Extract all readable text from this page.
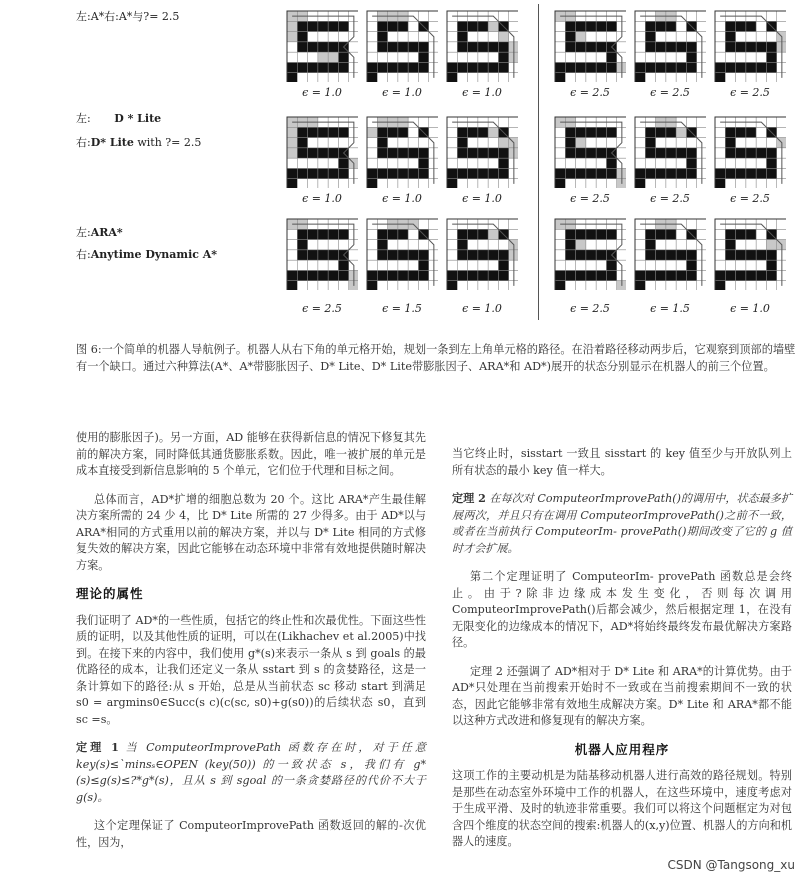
左:A*右:A*与?= 2.5
左: D * Lite
右:D* Lite with ?= 2.5
左:ARA*
右:Anytime Dynamic A*
ϵ = 1.0	ϵ = 1.0	ϵ = 1.0	ϵ = 2.5	ϵ = 2.5	ϵ = 2.5
ϵ = 1.0	ϵ = 1.0	ϵ = 1.0	ϵ = 2.5	ϵ = 2.5	ϵ = 2.5
ϵ = 2.5	ϵ = 1.5	ϵ = 1.0	ϵ = 2.5	ϵ = 1.5	ϵ = 1.0
图 6:一个简单的机器人导航例子。机器人从右下角的单元格开始，规划一条到左上角单元格的路径。在沿着路径移动两步后，它观察到顶部的墙壁有一个缺口。通过六种算法(A*、A*带膨胀因子、D* Lite、D* Lite带膨胀因子、ARA*和 AD*)展开的状态分别显示在机器人的前三个位置。

使用的膨胀因子)。另一方面，AD 能够在获得新信息的情况下修复其先前的解决方案，同时降低其通货膨胀系数。因此，唯一被扩展的单元是成本直接受到新信息影响的 5 个单元，它们位于代理和目标之间。

总体而言，AD*扩增的细胞总数为 20 个。这比 ARA*产生最佳解决方案所需的 24 少 4，比 D* Lite 所需的 27 少得多。由于 AD*以与 ARA*相同的方式重用以前的解决方案，并以与 D* Lite 相同的方式修复失效的解决方案，因此它能够在动态环境中非常有效地提供随时解决方案。

理论的属性

我们证明了 AD*的一些性质，包括它的终止性和次最优性。下面这些性质的证明，以及其他性质的证明，可以在(Likhachev et al.2005)中找到。在接下来的内容中，我们使用 g*(s)来表示一条从 s 到 goals 的最优路径的成本，让我们还定义一条从 sstart 到 s 的贪婪路径，这是一条计算如下的路径:从 s 开始，总是从当前状态 sc 移动 start 到满足 s0 = argmins0∈Succ(s c)(c(sc, s0)+g(s0))的后续状态 s0，直到 sc =s。

定理 1 当 ComputeorImprovePath 函数存在时，对于任意 key(s)≤`minsₛ∈OPEN (key(50)) 的一致状态 s，我们有 g*(s)≤g(s)≤?*g*(s)，且从 s 到 sgoal 的一条贪婪路径的代价不大于 g(s)。

这个定理保证了 ComputeorImprovePath 函数返回的解的-次优性，因为，

当它终止时，sisstart 一致且 sisstart 的 key 值至少与开放队列上所有状态的最小 key 值一样大。

定理 2 在每次对 ComputeorImprovePath()的调用中，状态最多扩展两次，并且只有在调用 ComputeorImprovePath()之前不一致，或者在当前执行 ComputeorIm- provePath()期间改变了它的 g 值时才会扩展。

第二个定理证明了 ComputeorIm- provePath 函数总是会终止。由于?除非边缘成本发生变化，否则每次调用 ComputeorImprovePath()后都会减少，然后根据定理 1，在没有无限变化的边缘成本的情况下，AD*将始终最终发布最优解决方案路径。

定理 2 还强调了 AD*相对于 D* Lite 和 ARA*的计算优势。由于 AD*只处理在当前搜索开始时不一致或在当前搜索期间不一致的状态，因此它能够非常有效地生成解决方案。D* Lite 和 ARA*都不能以这种方式改进和修复现有的解决方案。

机器人应用程序

这项工作的主要动机是为陆基移动机器人进行高效的路径规划。特别是那些在动态室外环境中工作的机器人，在这些环境中，速度考虑对于生成平滑、及时的轨迹非常重要。我们可以将这个问题框定为对包含四个维度的状态空间的搜索:机器人的(x,y)位置、机器人的方向和机器人的速度。

CSDN @Tangsong_xu
